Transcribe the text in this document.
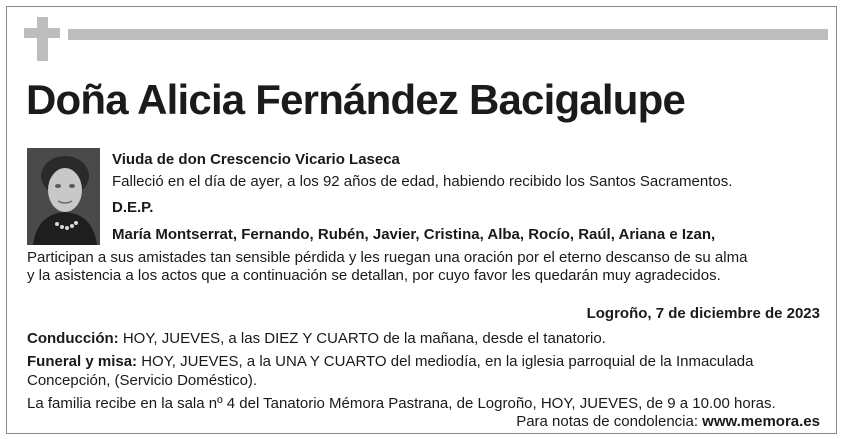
Doña Alicia Fernández Bacigalupe
Viuda de don Crescencio Vicario Laseca
Falleció en el día de ayer, a los 92 años de edad, habiendo recibido los Santos Sacramentos.
D.E.P.
María Montserrat, Fernando, Rubén, Javier, Cristina, Alba, Rocío, Raúl, Ariana e Izan,
Participan a sus amistades tan sensible pérdida y les ruegan una oración por el eterno descanso de su alma
y la asistencia a los actos que a continuación se detallan, por cuyo favor les quedarán muy agradecidos.
Logroño, 7 de diciembre de 2023
Conducción: HOY, JUEVES, a las DIEZ Y CUARTO de la mañana, desde el tanatorio.
Funeral y misa: HOY, JUEVES, a la UNA Y CUARTO del mediodía, en la iglesia parroquial de la Inmaculada
Concepción, (Servicio Doméstico).
La familia recibe en la sala nº 4 del Tanatorio Mémora Pastrana, de Logroño, HOY, JUEVES, de 9 a 10.00 horas.
Para notas de condolencia: www.memora.es
